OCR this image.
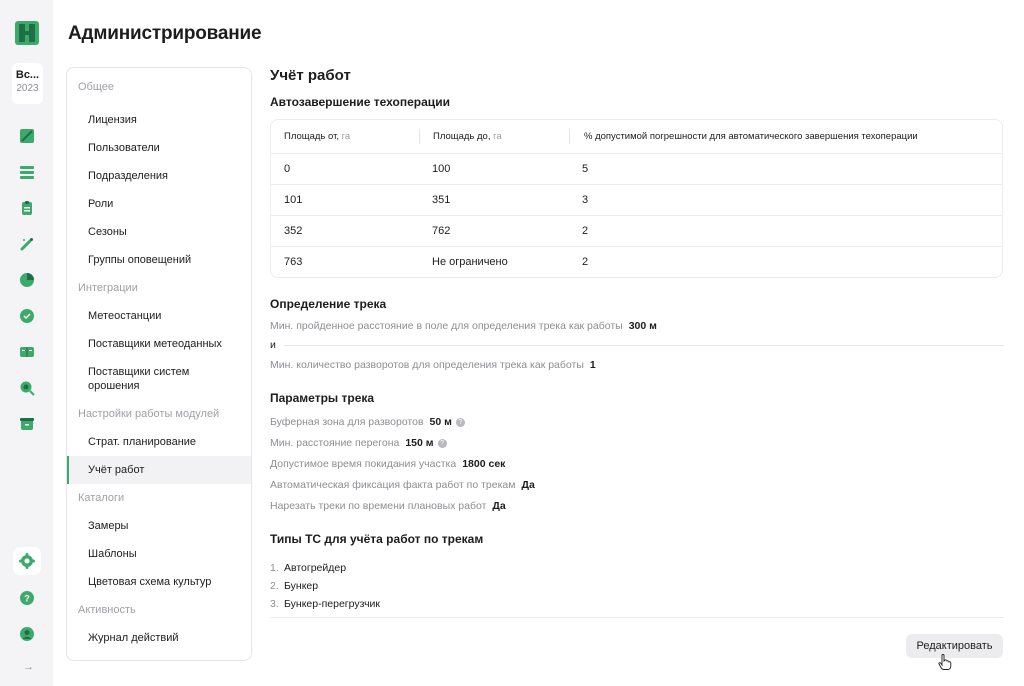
Вс...
2023
?
→
Администрирование
Общее
Лицензия
Пользователи
Подразделения
Роли
Сезоны
Группы оповещений
Интеграции
Метеостанции
Поставщики метеоданных
Поставщики систем орошения
Настройки работы модулей
Страт. планирование
Учёт работ
Каталоги
Замеры
Шаблоны
Цветовая схема культур
Активность
Журнал действий
Учёт работ
Автозавершение техоперации
Площадь от, га	Площадь до, га	% допустимой погрешности для автоматического завершения техоперации
0	100	5
101	351	3
352	762	2
763	Не ограничено	2
Определение трека
Мин. пройденное расстояние в поле для определения трека как работы 300 м
и
Мин. количество разворотов для определения трека как работы 1
Параметры трека
Буферная зона для разворотов 50 м ?
Мин. расстояние перегона 150 м ?
Допустимое время покидания участка 1800 сек
Автоматическая фиксация факта работ по трекам Да
Нарезать треки по времени плановых работ Да
Типы ТС для учёта работ по трекам
1. Автогрейдер
2. Бункер
3. Бункер-перегрузчик
Редактировать
